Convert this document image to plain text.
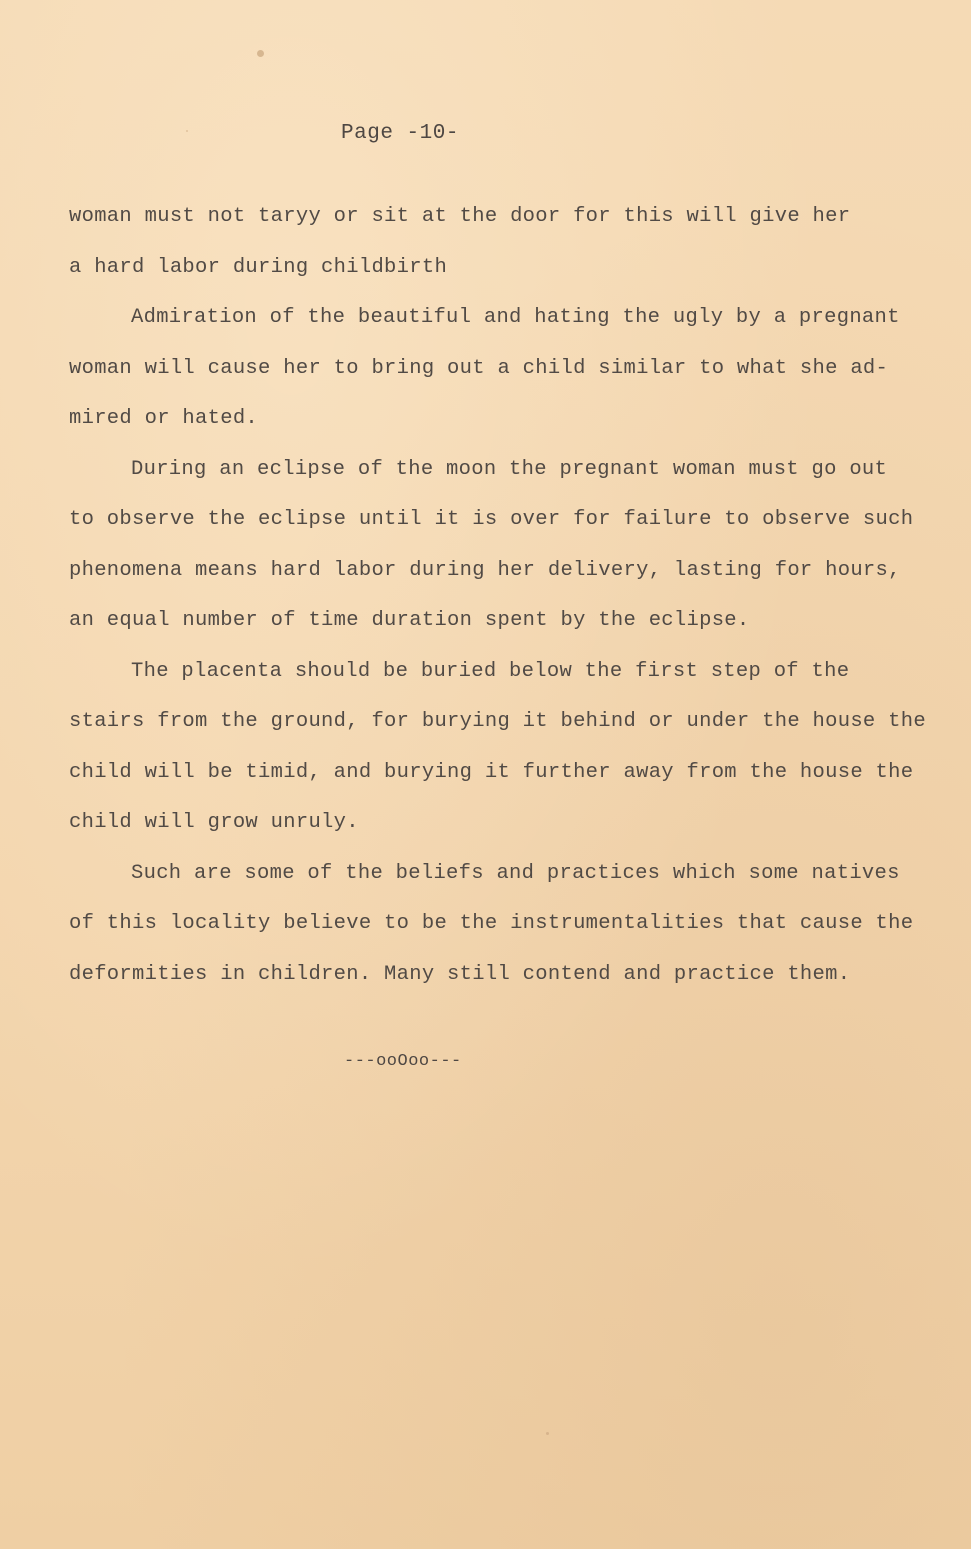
Page -10-
woman must not taryy or sit at the door for this will give her
a hard labor during childbirth
Admiration of the beautiful and hating the ugly by a pregnant
woman will cause her to bring out a child similar to what she ad-
mired or hated.
During an eclipse of the moon the pregnant woman must go out
to observe the eclipse until it is over for failure to observe such
phenomena means hard labor during her delivery, lasting for hours,
an equal number of time duration spent by the eclipse.
The placenta should be buried below the first step of the
stairs from the ground, for burying it behind or under the house the
child will be timid, and burying it further away from the house the
child will grow unruly.
Such are some of the beliefs and practices which some natives
of this locality believe to be the instrumentalities that cause the
deformities in children. Many still contend and practice them.
---ooOoo---
